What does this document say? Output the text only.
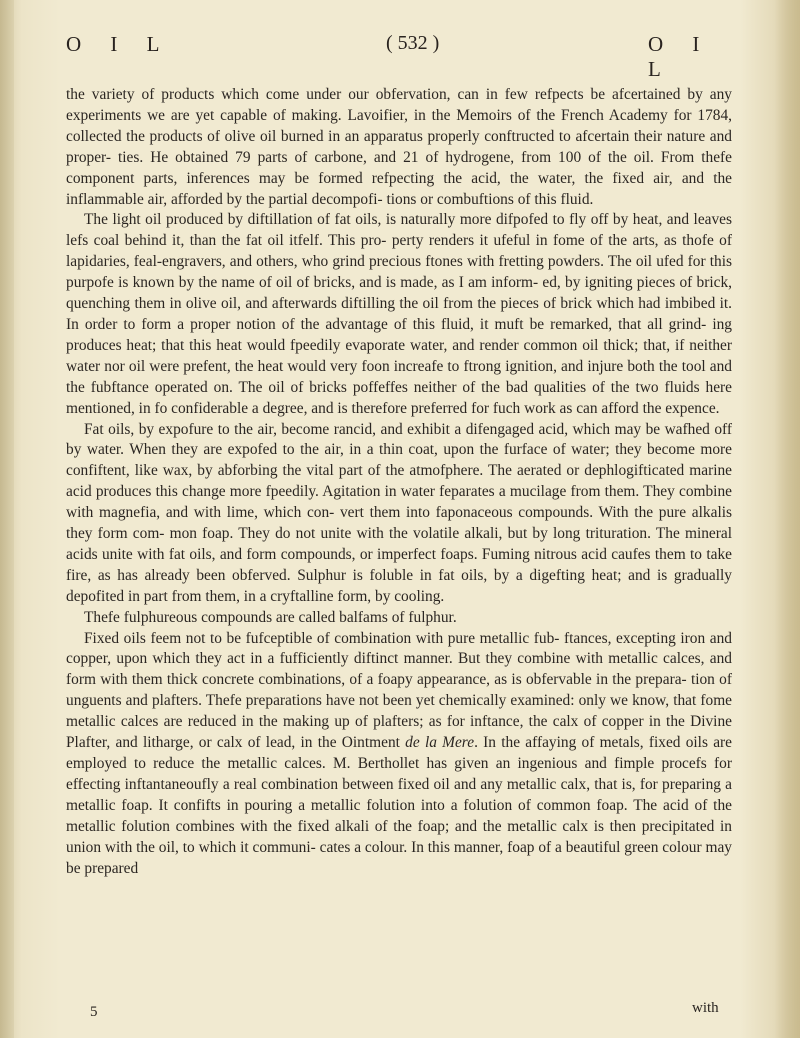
O I L	( 532 )	O I L

the variety of products which come under our obfervation, can in few refpects be afcertained by any experiments we are yet capable of making. Lavoifier, in the Memoirs of the French Academy for 1784, collected the products of olive oil burned in an apparatus properly conftructed to afcertain their nature and proper- ties. He obtained 79 parts of carbone, and 21 of hydrogene, from 100 of the oil. From thefe component parts, inferences may be formed refpecting the acid, the water, the fixed air, and the inflammable air, afforded by the partial decompofi- tions or combuftions of this fluid.

The light oil produced by diftillation of fat oils, is naturally more difpofed to fly off by heat, and leaves lefs coal behind it, than the fat oil itfelf. This pro- perty renders it ufeful in fome of the arts, as thofe of lapidaries, feal-engravers, and others, who grind precious ftones with fretting powders. The oil ufed for this purpofe is known by the name of oil of bricks, and is made, as I am inform- ed, by igniting pieces of brick, quenching them in olive oil, and afterwards diftilling the oil from the pieces of brick which had imbibed it. In order to form a proper notion of the advantage of this fluid, it muft be remarked, that all grind- ing produces heat; that this heat would fpeedily evaporate water, and render common oil thick; that, if neither water nor oil were prefent, the heat would very foon increafe to ftrong ignition, and injure both the tool and the fubftance operated on. The oil of bricks poffeffes neither of the bad qualities of the two fluids here mentioned, in fo confiderable a degree, and is therefore preferred for fuch work as can afford the expence.

Fat oils, by expofure to the air, become rancid, and exhibit a difengaged acid, which may be wafhed off by water. When they are expofed to the air, in a thin coat, upon the furface of water; they become more confiftent, like wax, by abforbing the vital part of the atmofphere. The aerated or dephlogifticated marine acid produces this change more fpeedily. Agitation in water feparates a mucilage from them. They combine with magnefia, and with lime, which con- vert them into faponaceous compounds. With the pure alkalis they form com- mon foap. They do not unite with the volatile alkali, but by long trituration. The mineral acids unite with fat oils, and form compounds, or imperfect foaps. Fuming nitrous acid caufes them to take fire, as has already been obferved. Sulphur is foluble in fat oils, by a digefting heat; and is gradually depofited in part from them, in a cryftalline form, by cooling.

Thefe fulphureous compounds are called balfams of fulphur.

Fixed oils feem not to be fufceptible of combination with pure metallic fub- ftances, excepting iron and copper, upon which they act in a fufficiently diftinct manner. But they combine with metallic calces, and form with them thick concrete combinations, of a foapy appearance, as is obfervable in the prepara- tion of unguents and plafters. Thefe preparations have not been yet chemically examined: only we know, that fome metallic calces are reduced in the making up of plafters; as for inftance, the calx of copper in the Divine Plafter, and litharge, or calx of lead, in the Ointment de la Mere. In the affaying of metals, fixed oils are employed to reduce the metallic calces. M. Berthollet has given an ingenious and fimple procefs for effecting inftantaneoufly a real combination between fixed oil and any metallic calx, that is, for preparing a metallic foap. It confifts in pouring a metallic folution into a folution of common foap. The acid of the metallic folution combines with the fixed alkali of the foap; and the metallic calx is then precipitated in union with the oil, to which it communi- cates a colour. In this manner, foap of a beautiful green colour may be prepared

5	with
